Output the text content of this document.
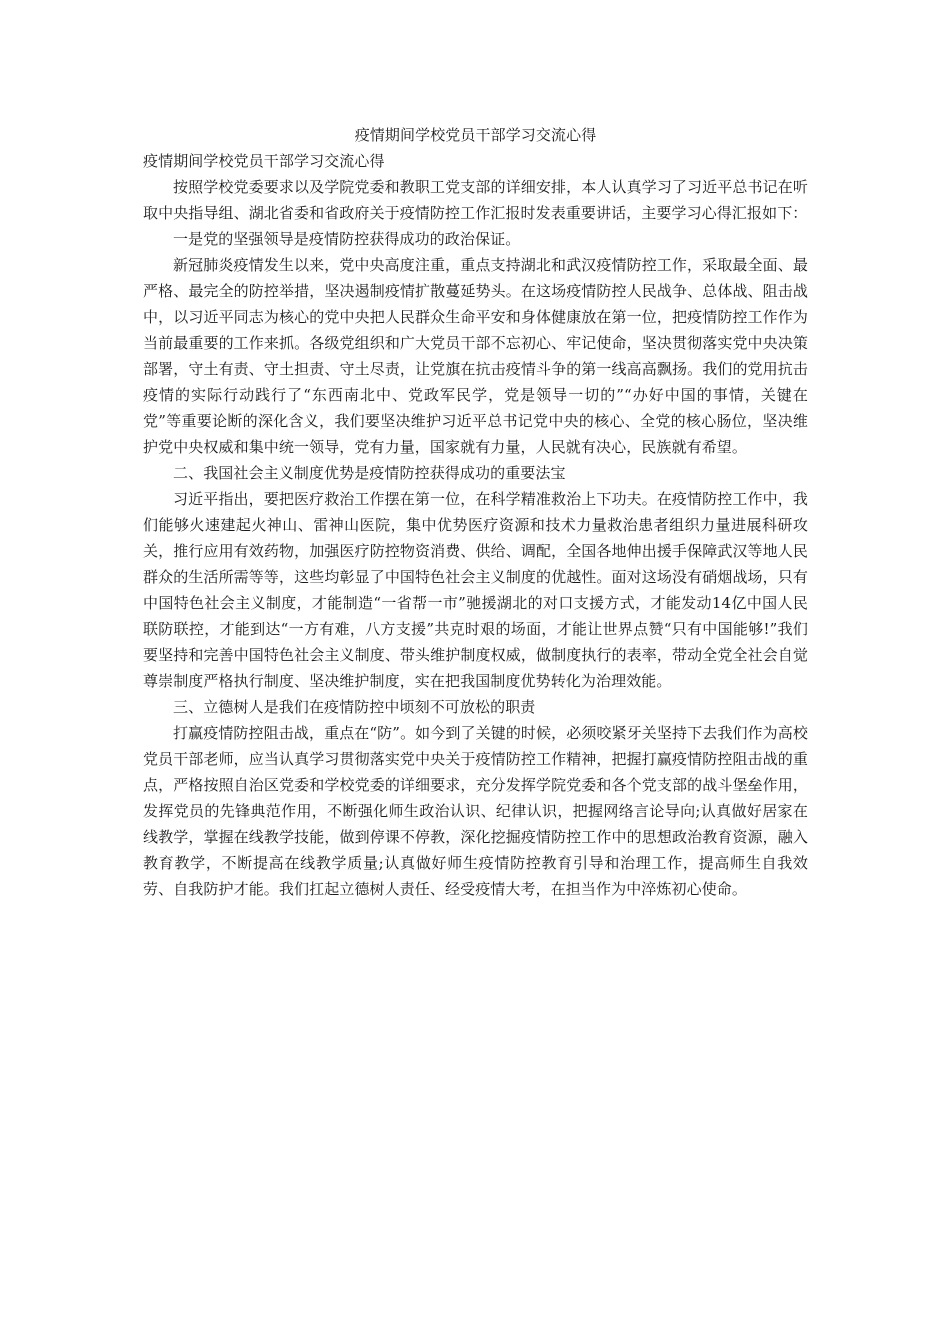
疫情期间学校党员干部学习交流心得

疫情期间学校党员干部学习交流心得

按照学校党委要求以及学院党委和教职工党支部的详细安排，本人认真学习了习近平总书记在听取中央指导组、湖北省委和省政府关于疫情防控工作汇报时发表重要讲话，主要学习心得汇报如下：

一是党的坚强领导是疫情防控获得成功的政治保证。

新冠肺炎疫情发生以来，党中央高度注重，重点支持湖北和武汉疫情防控工作，采取最全面、最严格、最完全的防控举措，坚决遏制疫情扩散蔓延势头。在这场疫情防控人民战争、总体战、阻击战中，以习近平同志为核心的党中央把人民群众生命平安和身体健康放在第一位，把疫情防控工作作为当前最重要的工作来抓。各级党组织和广大党员干部不忘初心、牢记使命，坚决贯彻落实党中央决策部署，守土有责、守土担责、守土尽责，让党旗在抗击疫情斗争的第一线高高飘扬。我们的党用抗击疫情的实际行动践行了“东西南北中、党政军民学，党是领导一切的”“办好中国的事情，关键在党”等重要论断的深化含义，我们要坚决维护习近平总书记党中央的核心、全党的核心肠位，坚决维护党中央权威和集中统一领导，党有力量，国家就有力量，人民就有决心，民族就有希望。

二、我国社会主义制度优势是疫情防控获得成功的重要法宝

习近平指出，要把医疗救治工作摆在第一位，在科学精准救治上下功夫。在疫情防控工作中，我们能够火速建起火神山、雷神山医院，集中优势医疗资源和技术力量救治患者组织力量进展科研攻关，推行应用有效药物，加强医疗防控物资消费、供给、调配，全国各地伸出援手保障武汉等地人民群众的生活所需等等，这些均彰显了中国特色社会主义制度的优越性。面对这场没有硝烟战场，只有中国特色社会主义制度，才能制造“一省帮一市”驰援湖北的对口支援方式，才能发动14亿中国人民联防联控，才能到达“一方有难，八方支援”共克时艰的场面，才能让世界点赞“只有中国能够!”我们要坚持和完善中国特色社会主义制度、带头维护制度权威，做制度执行的表率，带动全党全社会自觉尊崇制度严格执行制度、坚决维护制度，实在把我国制度优势转化为治理效能。

三、立德树人是我们在疫情防控中顷刻不可放松的职责

打赢疫情防控阻击战，重点在“防”。如今到了关键的时候，必须咬紧牙关坚持下去我们作为高校党员干部老师，应当认真学习贯彻落实党中央关于疫情防控工作精神，把握打赢疫情防控阻击战的重点，严格按照自治区党委和学校党委的详细要求，充分发挥学院党委和各个党支部的战斗堡垒作用，发挥党员的先锋典范作用，不断强化师生政治认识、纪律认识，把握网络言论导向;认真做好居家在线教学，掌握在线教学技能，做到停课不停教，深化挖掘疫情防控工作中的思想政治教育资源，融入教育教学，不断提高在线教学质量;认真做好师生疫情防控教育引导和治理工作，提高师生自我效劳、自我防护才能。我们扛起立德树人责任、经受疫情大考，在担当作为中淬炼初心使命。
